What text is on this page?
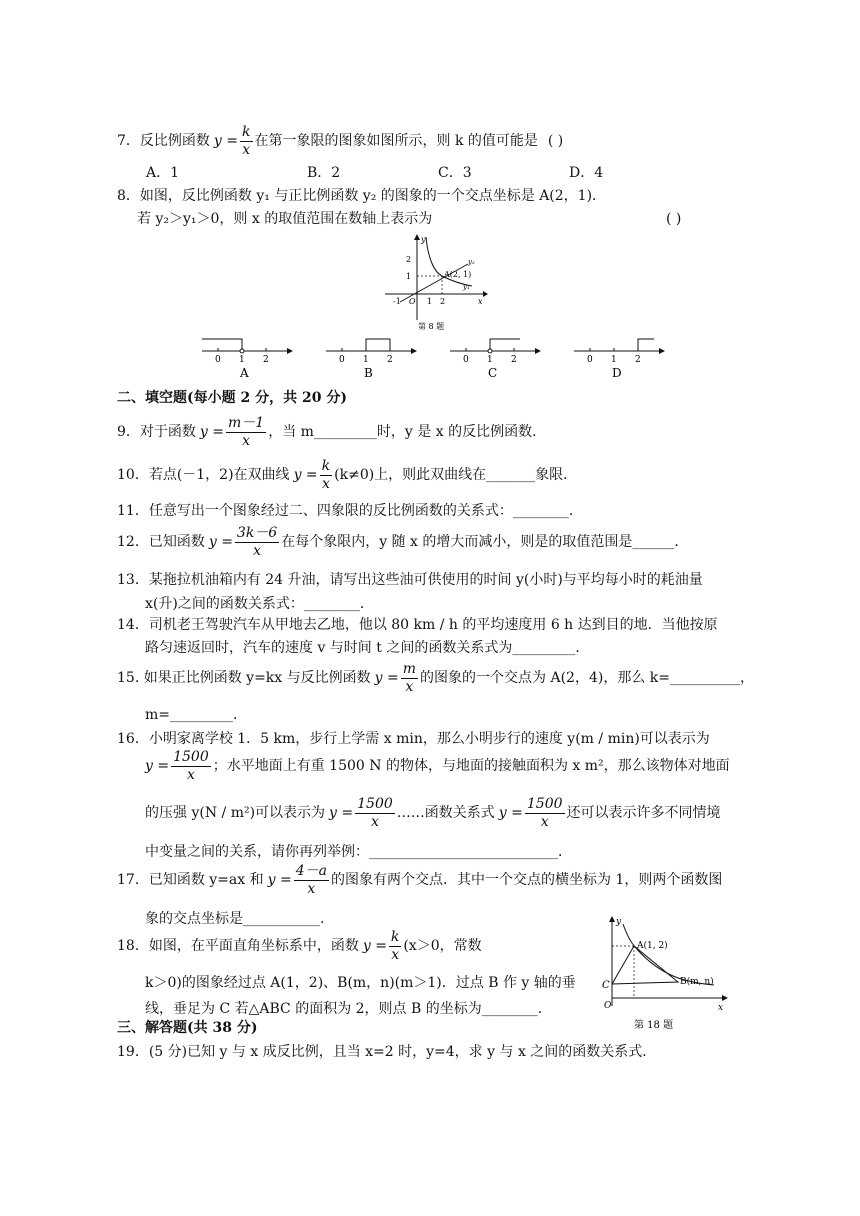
7． 反比例函数 $y = \frac{k}{x}$ 在第一象限的图象如图所示，则 k 的值可能是 ( )
A．1	B．2	C．3	D．4
8．如图，反比例函数 y₁ 与正比例函数 y₂ 的图象的一个交点坐标是 A(2，1)．
若 y₂＞y₁＞0，则 x 的取值范围在数轴上表示为	( )
y
x
O
2
1
-1	1 2
A(2, 1)
y₂
y₁
第 8 题
0 1 2
A
0 1 2
B
0 1 2
C
0 1 2
D
二、填空题(每小题 2 分，共 20 分)
9．对于函数 $y = \frac{m-1}{x}$ ，当 m_________时，y 是 x 的反比例函数．
10．若点(－1，2)在双曲线 $y = \frac{k}{x} (k\ne 0)$上，则此双曲线在_______象限．
11．任意写出一个图象经过二、四象限的反比例函数的关系式：________．
12．已知函数 $y = \frac{3k-6}{x}$ 在每个象限内，y 随 x 的增大而减小，则是的取值范围是______．
13．某拖拉机油箱内有 24 升油，请写出这些油可供使用的时间 y(小时)与平均每小时的耗油量
x(升)之间的函数关系式：________．
14．司机老王驾驶汽车从甲地去乙地，他以 80 km / h 的平均速度用 6 h 达到目的地．当他按原
路匀速返回时，汽车的速度 v 与时间 t 之间的函数关系式为_________．
15. 如果正比例函数 y=kx 与反比例函数 $y = \frac{m}{x}$ 的图象的一个交点为 A(2，4)，那么 k=__________，
m=_________.
16．小明家离学校 1．5 km，步行上学需 x min，那么小明步行的速度 y(m / min)可以表示为
$y = \frac{1500}{x}$ ；水平地面上有重 1500 N 的物体，与地面的接触面积为 x m²，那么该物体对地面
的压强 y(N / m²)可以表示为 $y = \frac{1500}{x}$ ……函数关系式 $y = \frac{1500}{x}$ 还可以表示许多不同情境
中变量之间的关系，请你再列举例：___________________________．
17．已知函数 y=ax 和 $y = \frac{4-a}{x}$ 的图象有两个交点．其中一个交点的横坐标为 1，则两个函数图
象的交点坐标是___________.
18．如图，在平面直角坐标系中，函数 $y = \frac{k}{x} (x>0$，常数
k＞0)的图象经过点 A(1，2)、B(m，n)(m＞1)．过点 B 作 y 轴的垂
线，垂足为 C 若△ABC 的面积为 2，则点 B 的坐标为________．
y
x
O
C
A(1, 2)
B(m, n)
第 18 题
三、解答题(共 38 分)
19．(5 分)已知 y 与 x 成反比例，且当 x=2 时，y=4，求 y 与 x 之间的函数关系式．
